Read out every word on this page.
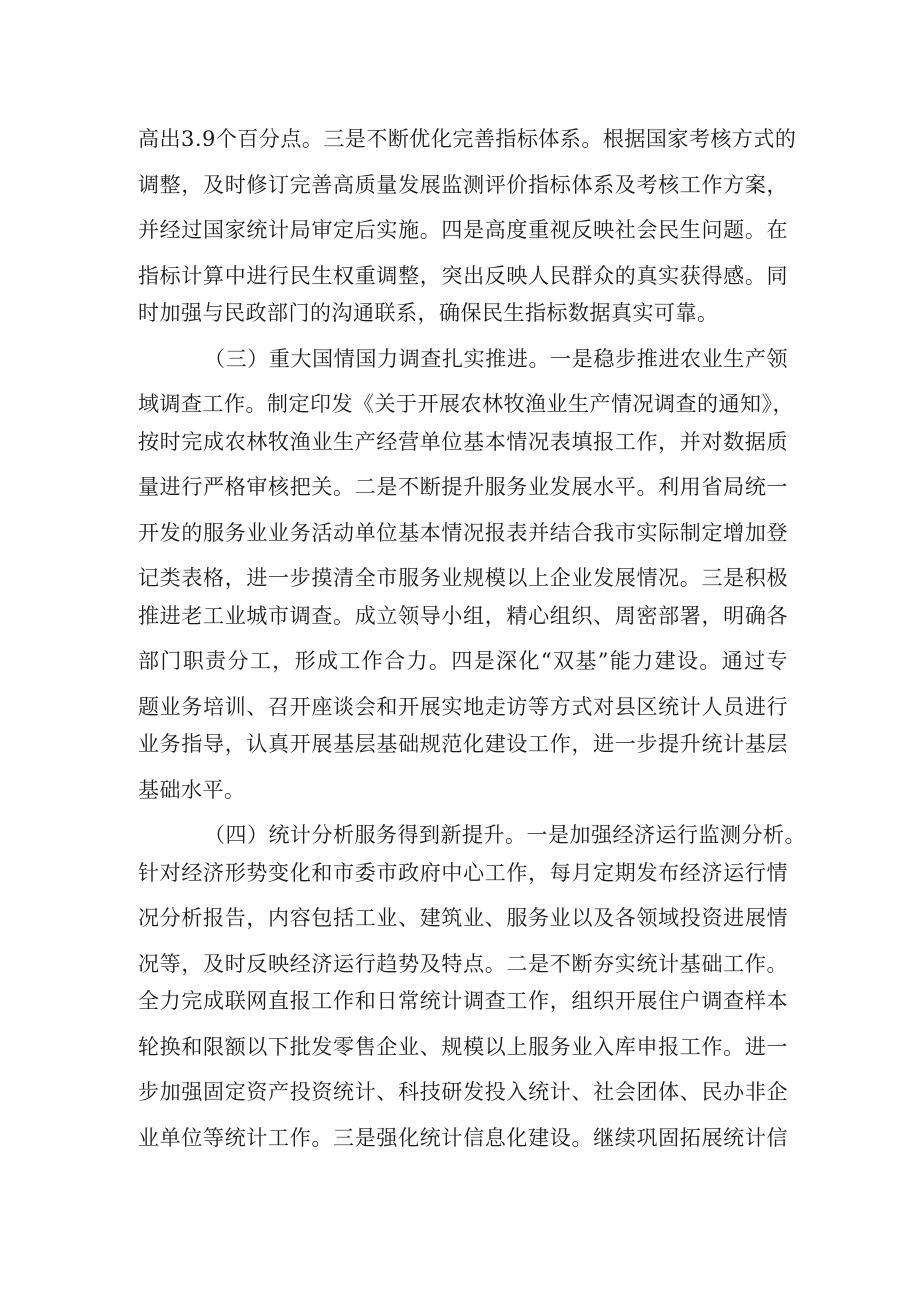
高出3.9个百分点。三是不断优化完善指标体系。根据国家考核方式的
调整，及时修订完善高质量发展监测评价指标体系及考核工作方案，
并经过国家统计局审定后实施。四是高度重视反映社会民生问题。在
指标计算中进行民生权重调整，突出反映人民群众的真实获得感。同
时加强与民政部门的沟通联系，确保民生指标数据真实可靠。
（三）重大国情国力调查扎实推进。一是稳步推进农业生产领
域调查工作。制定印发《关于开展农林牧渔业生产情况调查的通知》，
按时完成农林牧渔业生产经营单位基本情况表填报工作，并对数据质
量进行严格审核把关。二是不断提升服务业发展水平。利用省局统一
开发的服务业业务活动单位基本情况报表并结合我市实际制定增加登
记类表格，进一步摸清全市服务业规模以上企业发展情况。三是积极
推进老工业城市调查。成立领导小组，精心组织、周密部署，明确各
部门职责分工，形成工作合力。四是深化“双基”能力建设。通过专
题业务培训、召开座谈会和开展实地走访等方式对县区统计人员进行
业务指导，认真开展基层基础规范化建设工作，进一步提升统计基层
基础水平。
（四）统计分析服务得到新提升。一是加强经济运行监测分析。
针对经济形势变化和市委市政府中心工作，每月定期发布经济运行情
况分析报告，内容包括工业、建筑业、服务业以及各领域投资进展情
况等，及时反映经济运行趋势及特点。二是不断夯实统计基础工作。
全力完成联网直报工作和日常统计调查工作，组织开展住户调查样本
轮换和限额以下批发零售企业、规模以上服务业入库申报工作。进一
步加强固定资产投资统计、科技研发投入统计、社会团体、民办非企
业单位等统计工作。三是强化统计信息化建设。继续巩固拓展统计信
